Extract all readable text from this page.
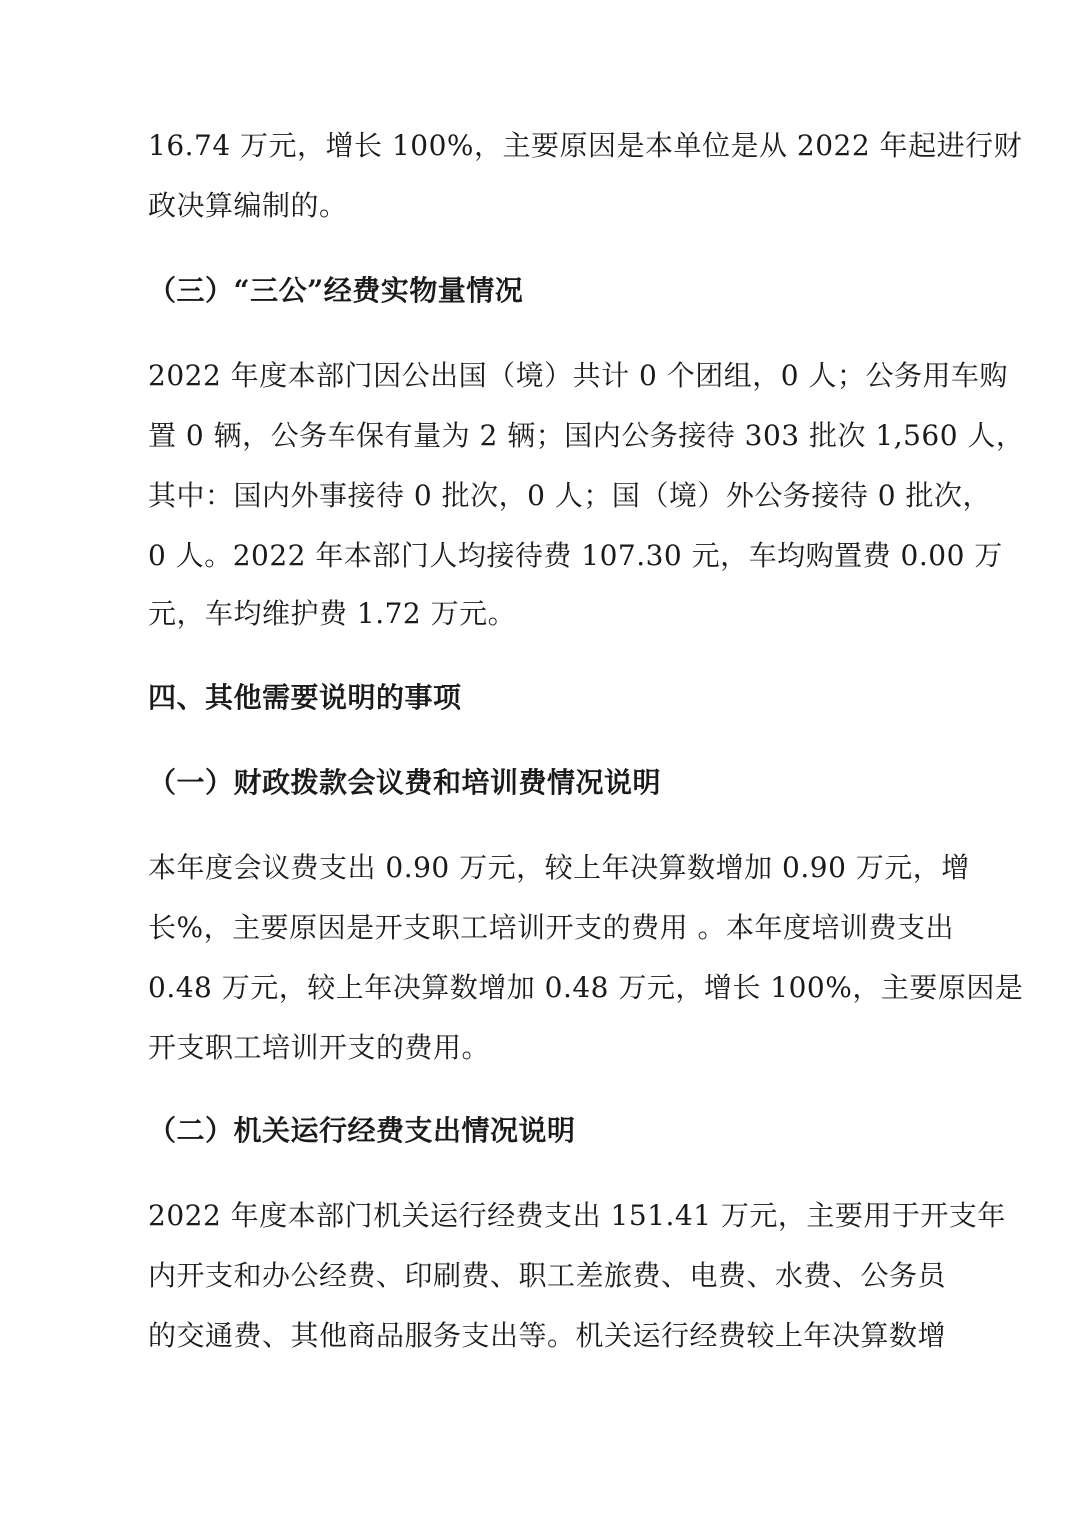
16.74 万元，增长 100%，主要原因是本单位是从 2022 年起进行财
政决算编制的。
（三）“三公”经费实物量情况
2022 年度本部门因公出国（境）共计 0 个团组，0 人；公务用车购
置 0 辆，公务车保有量为 2 辆；国内公务接待 303 批次 1,560 人，
其中：国内外事接待 0 批次，0 人；国（境）外公务接待 0 批次，
0 人。2022 年本部门人均接待费 107.30 元，车均购置费 0.00 万
元，车均维护费 1.72 万元。
四、其他需要说明的事项
（一）财政拨款会议费和培训费情况说明
本年度会议费支出 0.90 万元，较上年决算数增加 0.90 万元，增
长%，主要原因是开支职工培训开支的费用 。本年度培训费支出
0.48 万元，较上年决算数增加 0.48 万元，增长 100%，主要原因是
开支职工培训开支的费用。
（二）机关运行经费支出情况说明
2022 年度本部门机关运行经费支出 151.41 万元，主要用于开支年
内开支和办公经费、印刷费、职工差旅费、电费、水费、公务员
的交通费、其他商品服务支出等。机关运行经费较上年决算数增
